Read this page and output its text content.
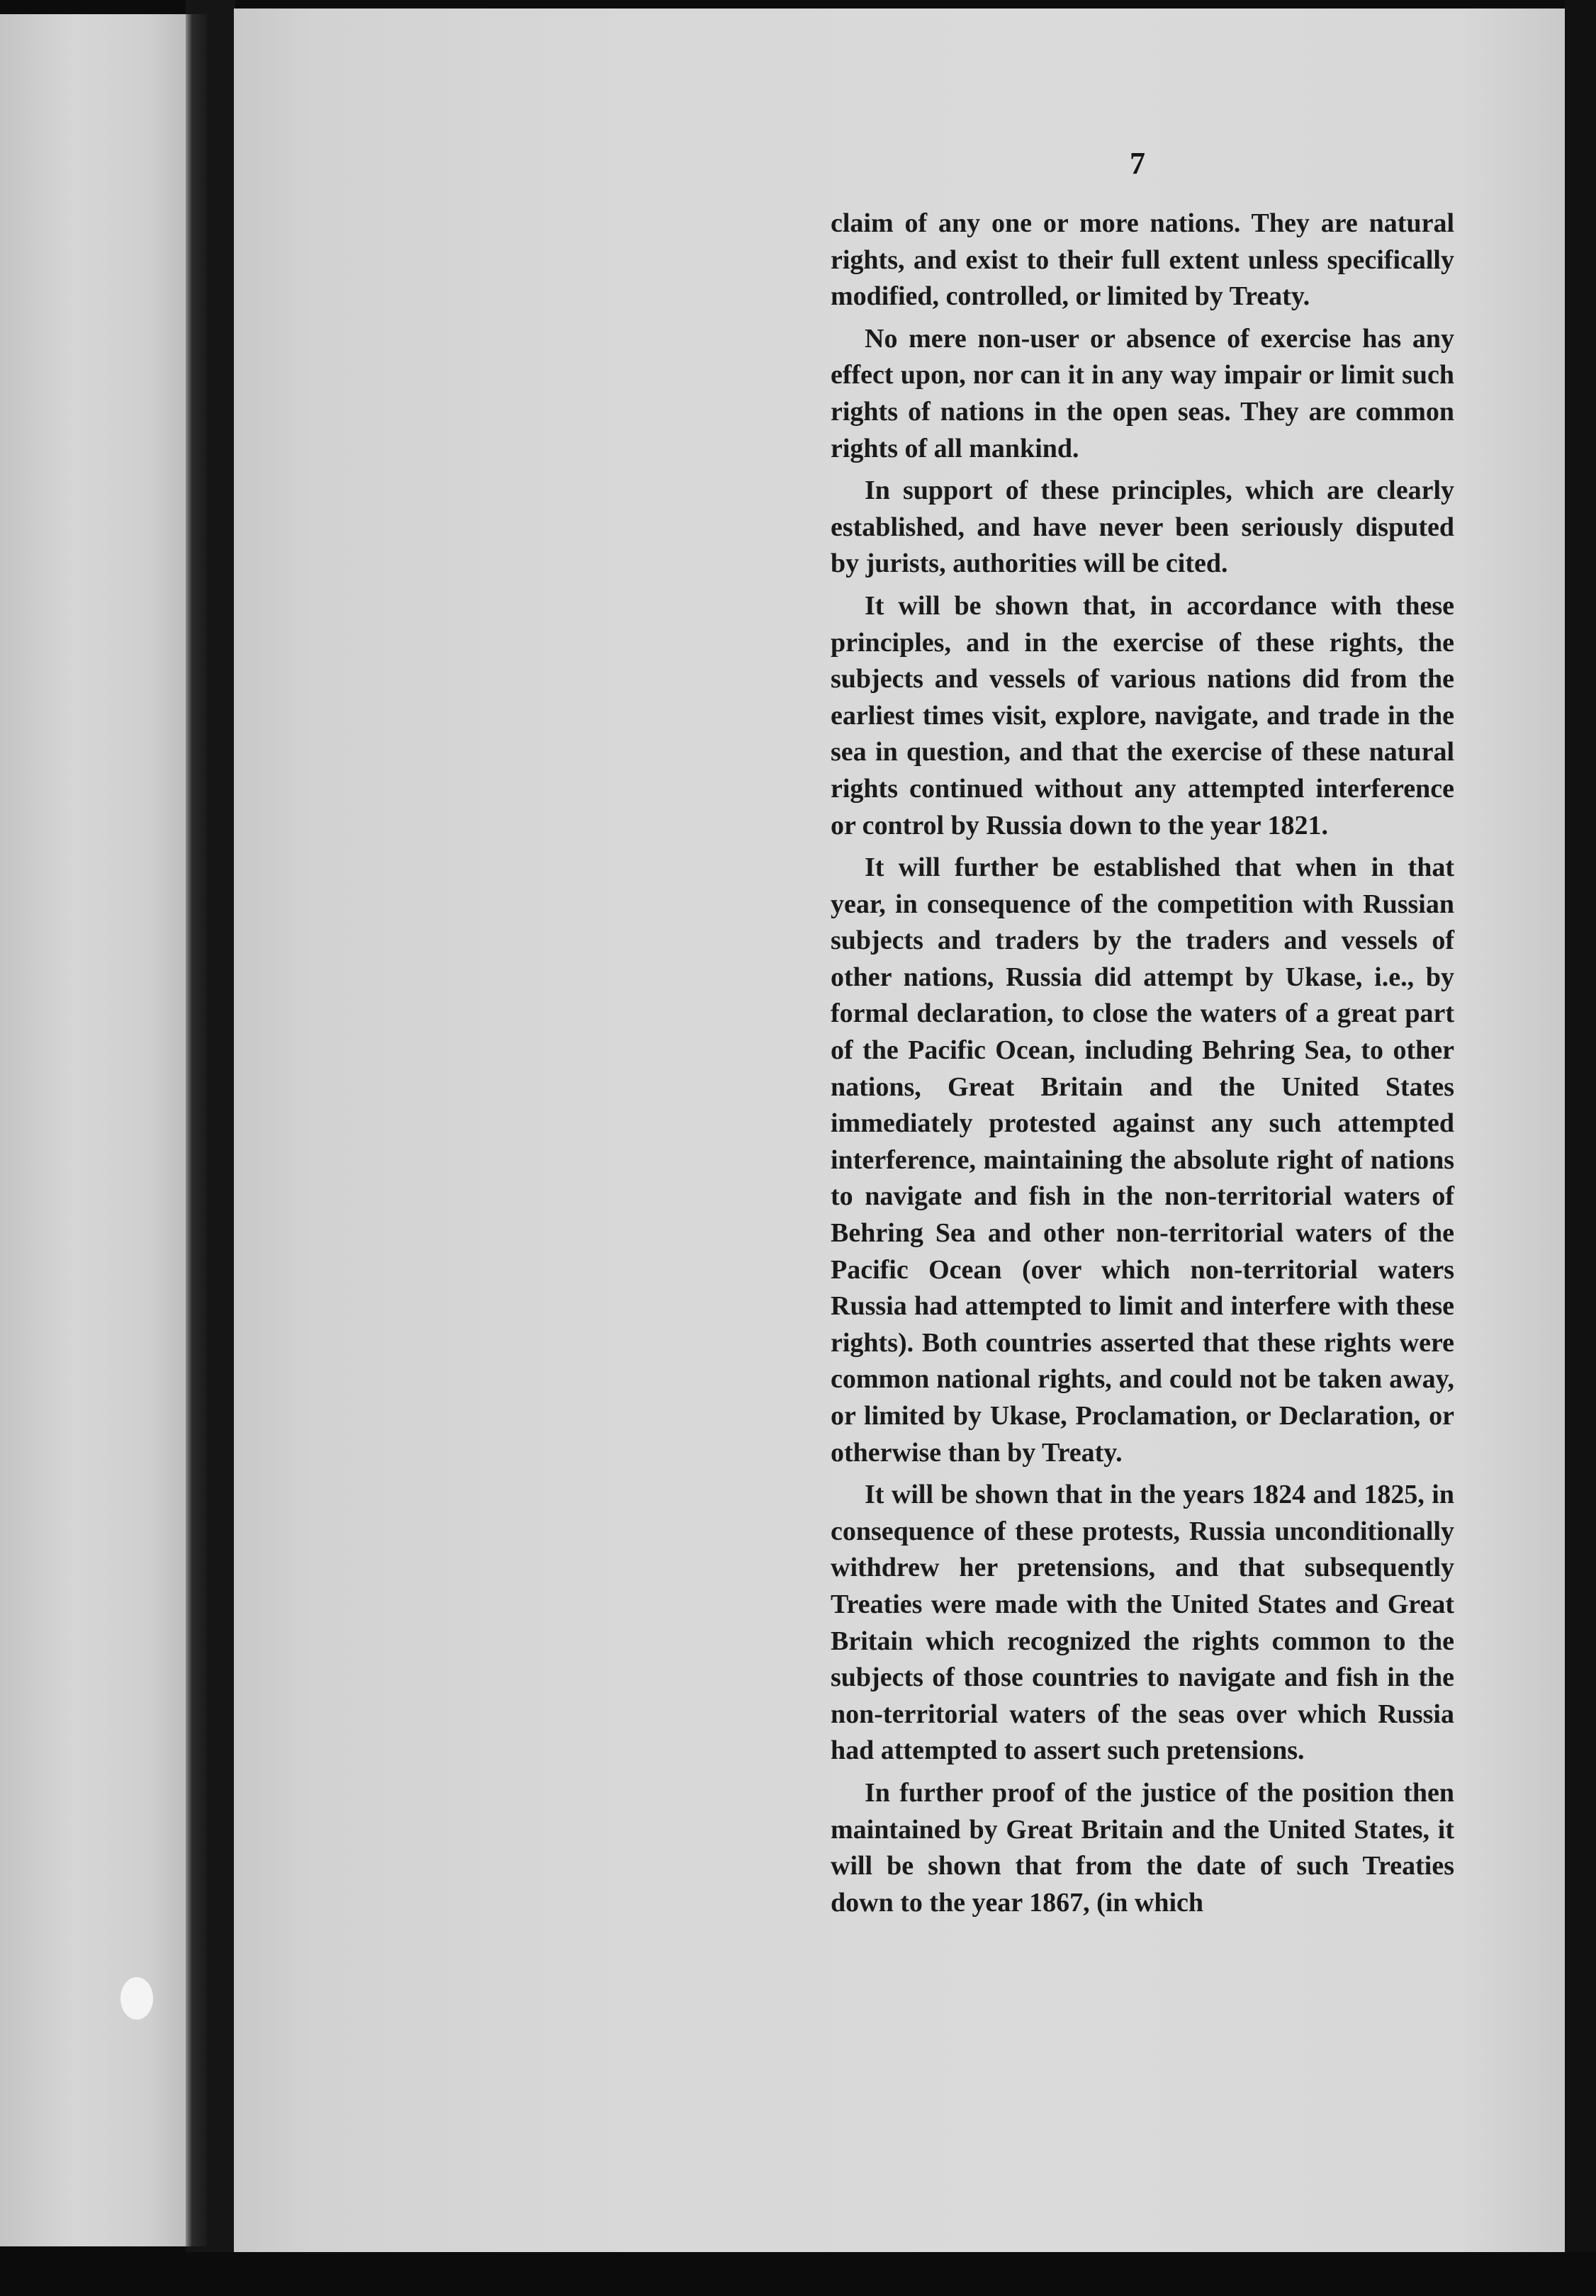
7

claim of any one or more nations. They are natural rights, and exist to their full extent unless specifically modified, controlled, or limited by Treaty.

No mere non-user or absence of exercise has any effect upon, nor can it in any way impair or limit such rights of nations in the open seas. They are common rights of all mankind.

In support of these principles, which are clearly established, and have never been seriously disputed by jurists, authorities will be cited.

It will be shown that, in accordance with these principles, and in the exercise of these rights, the subjects and vessels of various nations did from the earliest times visit, explore, navigate, and trade in the sea in question, and that the exercise of these natural rights continued without any attempted interference or control by Russia down to the year 1821.

It will further be established that when in that year, in consequence of the competition with Russian subjects and traders by the traders and vessels of other nations, Russia did attempt by Ukase, i.e., by formal declaration, to close the waters of a great part of the Pacific Ocean, including Behring Sea, to other nations, Great Britain and the United States immediately protested against any such attempted interference, maintaining the absolute right of nations to navigate and fish in the non-territorial waters of Behring Sea and other non-territorial waters of the Pacific Ocean (over which non-territorial waters Russia had attempted to limit and interfere with these rights). Both countries asserted that these rights were common national rights, and could not be taken away, or limited by Ukase, Proclamation, or Declaration, or otherwise than by Treaty.

It will be shown that in the years 1824 and 1825, in consequence of these protests, Russia unconditionally withdrew her pretensions, and that subsequently Treaties were made with the United States and Great Britain which recognized the rights common to the subjects of those countries to navigate and fish in the non-territorial waters of the seas over which Russia had attempted to assert such pretensions.

In further proof of the justice of the position then maintained by Great Britain and the United States, it will be shown that from the date of such Treaties down to the year 1867, (in which
